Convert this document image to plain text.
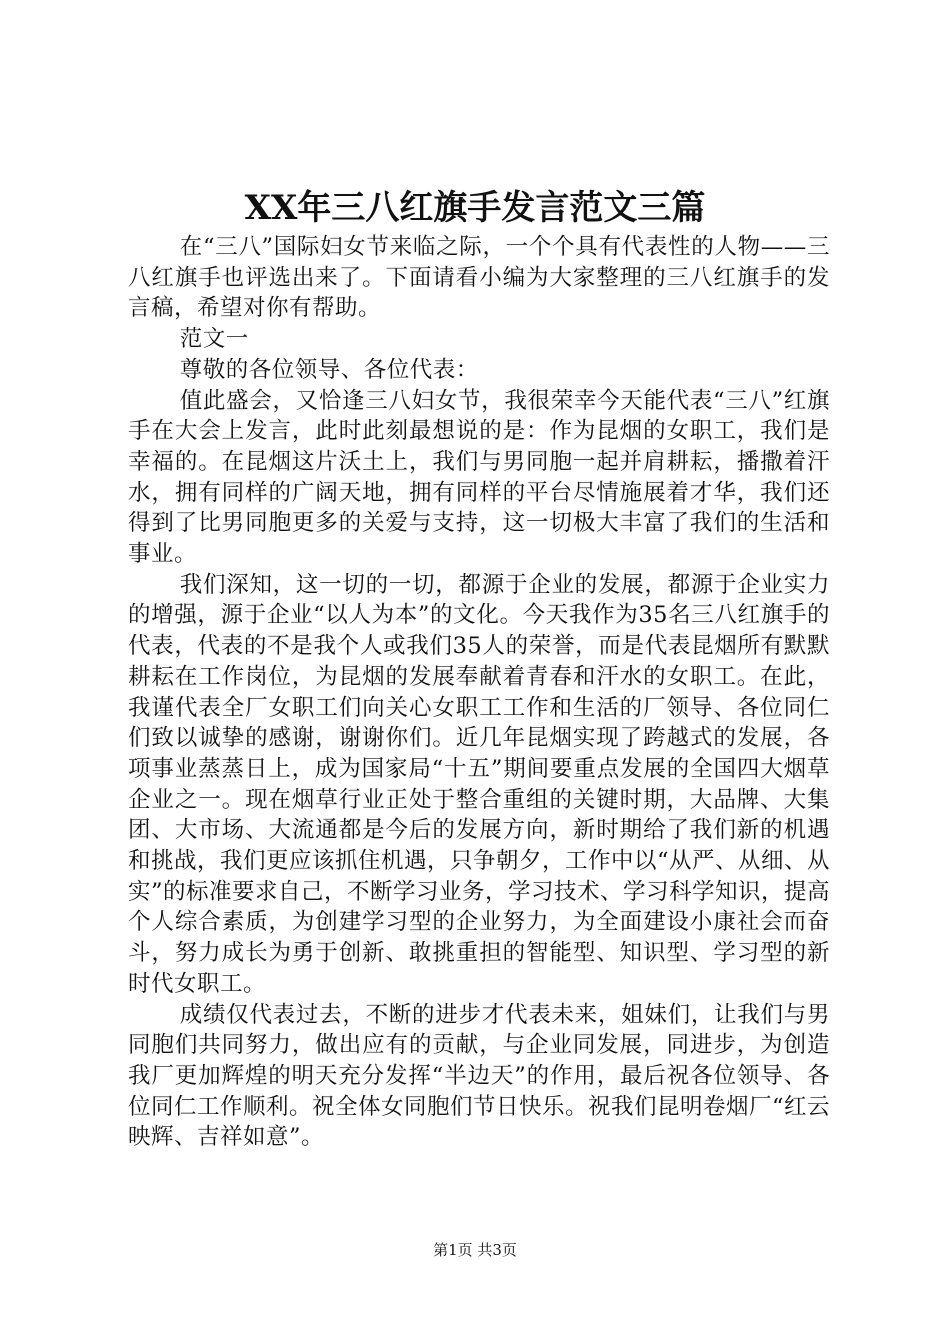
XX年三八红旗手发言范文三篇

在“三八”国际妇女节来临之际，一个个具有代表性的人物——三八红旗手也评选出来了。下面请看小编为大家整理的三八红旗手的发言稿，希望对你有帮助。

范文一

尊敬的各位领导、各位代表：

值此盛会，又恰逢三八妇女节，我很荣幸今天能代表“三八”红旗手在大会上发言，此时此刻最想说的是：作为昆烟的女职工，我们是幸福的。在昆烟这片沃土上，我们与男同胞一起并肩耕耘，播撒着汗水，拥有同样的广阔天地，拥有同样的平台尽情施展着才华，我们还得到了比男同胞更多的关爱与支持，这一切极大丰富了我们的生活和事业。

我们深知，这一切的一切，都源于企业的发展，都源于企业实力的增强，源于企业“以人为本”的文化。今天我作为35名三八红旗手的代表，代表的不是我个人或我们35人的荣誉，而是代表昆烟所有默默耕耘在工作岗位，为昆烟的发展奉献着青春和汗水的女职工。在此，我谨代表全厂女职工们向关心女职工工作和生活的厂领导、各位同仁们致以诚挚的感谢，谢谢你们。近几年昆烟实现了跨越式的发展，各项事业蒸蒸日上，成为国家局“十五”期间要重点发展的全国四大烟草企业之一。现在烟草行业正处于整合重组的关键时期，大品牌、大集团、大市场、大流通都是今后的发展方向，新时期给了我们新的机遇和挑战，我们更应该抓住机遇，只争朝夕，工作中以“从严、从细、从实”的标准要求自己，不断学习业务，学习技术、学习科学知识，提高个人综合素质，为创建学习型的企业努力，为全面建设小康社会而奋斗，努力成长为勇于创新、敢挑重担的智能型、知识型、学习型的新时代女职工。

成绩仅代表过去，不断的进步才代表未来，姐妹们，让我们与男同胞们共同努力，做出应有的贡献，与企业同发展，同进步，为创造我厂更加辉煌的明天充分发挥“半边天”的作用，最后祝各位领导、各位同仁工作顺利。祝全体女同胞们节日快乐。祝我们昆明卷烟厂“红云映辉、吉祥如意”。

第1页 共3页
